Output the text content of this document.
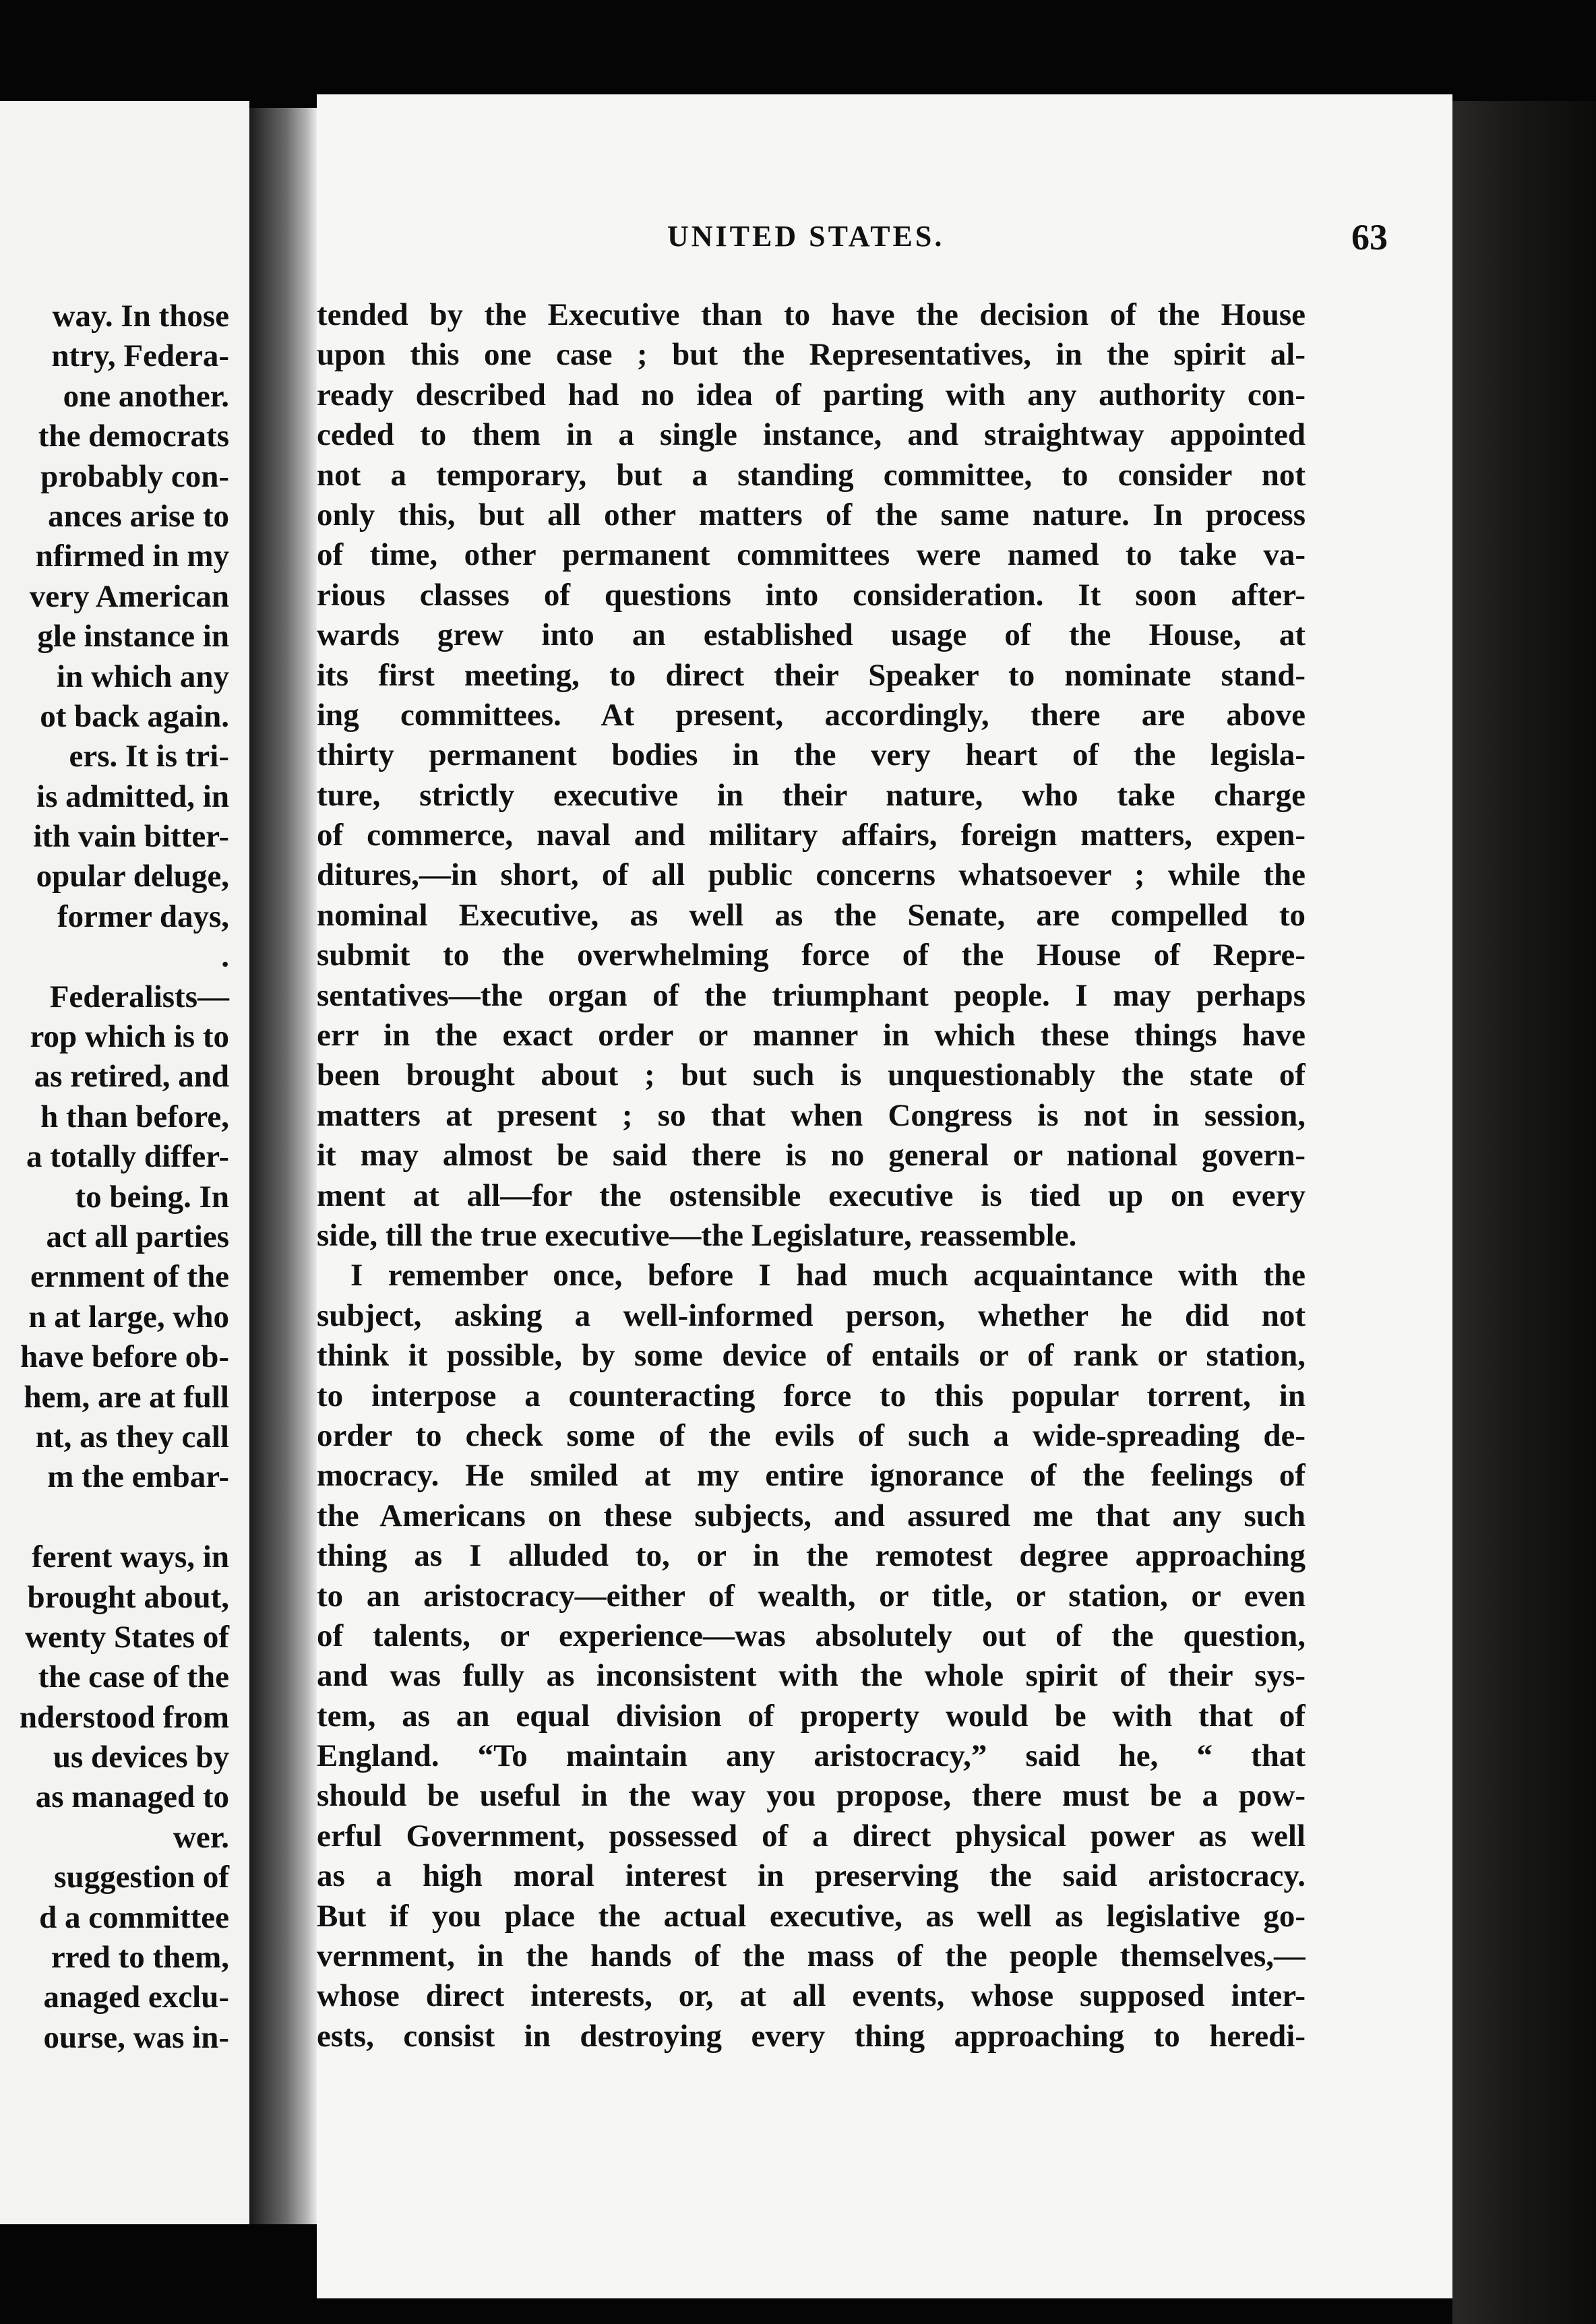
way. In those
ntry, Federa-
one another.
the democrats
probably con-
ances arise to
nfirmed in my
very American
gle instance in
in which any
ot back again.
ers. It is tri-
is admitted, in
ith vain bitter-
opular deluge,
former days,
.
Federalists—
rop which is to
as retired, and
h than before,
a totally differ-
to being. In
act all parties
ernment of the
n at large, who
have before ob-
hem, are at full
nt, as they call
m the embar-
ferent ways, in
brought about,
wenty States of
the case of the
nderstood from
us devices by
as managed to
wer.
suggestion of
d a committee
rred to them,
anaged exclu-
ourse, was in-
UNITED STATES.	63
tended by the Executive than to have the decision of the House
upon this one case ; but the Representatives, in the spirit al-
ready described had no idea of parting with any authority con-
ceded to them in a single instance, and straightway appointed
not a temporary, but a standing committee, to consider not
only this, but all other matters of the same nature. In process
of time, other permanent committees were named to take va-
rious classes of questions into consideration. It soon after-
wards grew into an established usage of the House, at
its first meeting, to direct their Speaker to nominate stand-
ing committees. At present, accordingly, there are above
thirty permanent bodies in the very heart of the legisla-
ture, strictly executive in their nature, who take charge
of commerce, naval and military affairs, foreign matters, expen-
ditures,—in short, of all public concerns whatsoever ; while the
nominal Executive, as well as the Senate, are compelled to
submit to the overwhelming force of the House of Repre-
sentatives—the organ of the triumphant people. I may perhaps
err in the exact order or manner in which these things have
been brought about ; but such is unquestionably the state of
matters at present ; so that when Congress is not in session,
it may almost be said there is no general or national govern-
ment at all—for the ostensible executive is tied up on every
side, till the true executive—the Legislature, reassemble.
I remember once, before I had much acquaintance with the
subject, asking a well-informed person, whether he did not
think it possible, by some device of entails or of rank or station,
to interpose a counteracting force to this popular torrent, in
order to check some of the evils of such a wide-spreading de-
mocracy. He smiled at my entire ignorance of the feelings of
the Americans on these subjects, and assured me that any such
thing as I alluded to, or in the remotest degree approaching
to an aristocracy—either of wealth, or title, or station, or even
of talents, or experience—was absolutely out of the question,
and was fully as inconsistent with the whole spirit of their sys-
tem, as an equal division of property would be with that of
England. “To maintain any aristocracy,” said he, “ that
should be useful in the way you propose, there must be a pow-
erful Government, possessed of a direct physical power as well
as a high moral interest in preserving the said aristocracy.
But if you place the actual executive, as well as legislative go-
vernment, in the hands of the mass of the people themselves,—
whose direct interests, or, at all events, whose supposed inter-
ests, consist in destroying every thing approaching to heredi-
